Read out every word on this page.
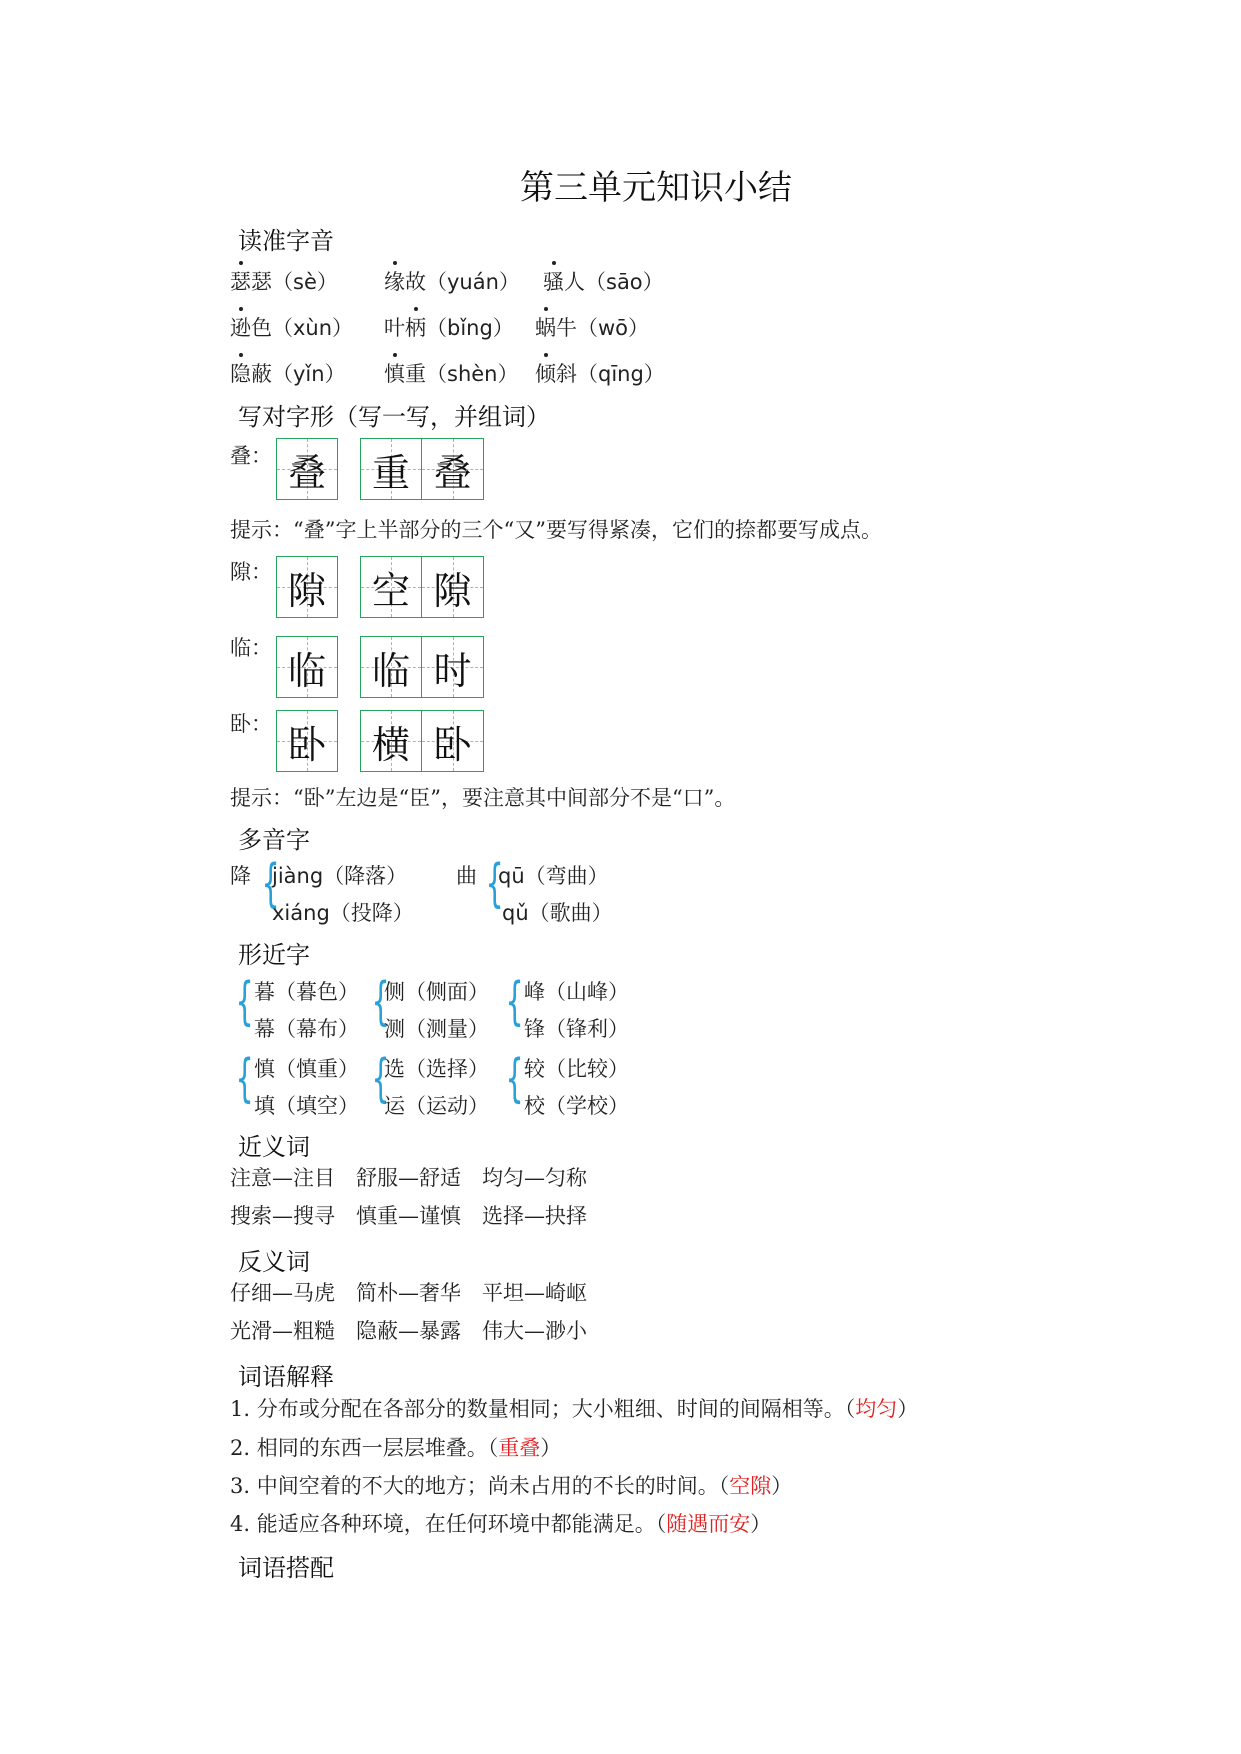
第三单元知识小结
读准字音
瑟瑟（sè） 缘故（yuán） 骚人（sāo）
逊色（xùn） 叶柄（bǐng） 蜗牛（wō）
隐蔽（yǐn） 慎重（shèn） 倾斜（qīng）
写对字形（写一写，并组词）
叠： 叠 重 叠
提示：“叠”字上半部分的三个“又”要写得紧凑，它们的捺都要写成点。
隙： 隙 空 隙
临：
临 临 时
卧： 卧 横 卧
提示：“卧”左边是“臣”，要注意其中间部分不是“口”。
多音字
降 {
jiàng（降落）
xiáng（投降）
曲 {
qū（弯曲）
qǔ（歌曲）
形近字
{ 暮（暮色）
幕（幕布） {
侧（侧面）
测（测量） { 峰（山峰）
锋（锋利）
{ 慎（慎重）
填（填空） {
选（选择）
运（运动） { 较（比较）
校（学校）
近义词
注意—注目　舒服—舒适　均匀—匀称
搜索—搜寻　慎重—谨慎　选择—抉择
反义词
仔细—马虎　简朴—奢华　平坦—崎岖
光滑—粗糙　隐蔽—暴露　伟大—渺小
词语解释
1. 分布或分配在各部分的数量相同；大小粗细、时间的间隔相等。（均匀）
2. 相同的东西一层层堆叠。（重叠）
3. 中间空着的不大的地方；尚未占用的不长的时间。（空隙）
4. 能适应各种环境，在任何环境中都能满足。（随遇而安）
词语搭配
